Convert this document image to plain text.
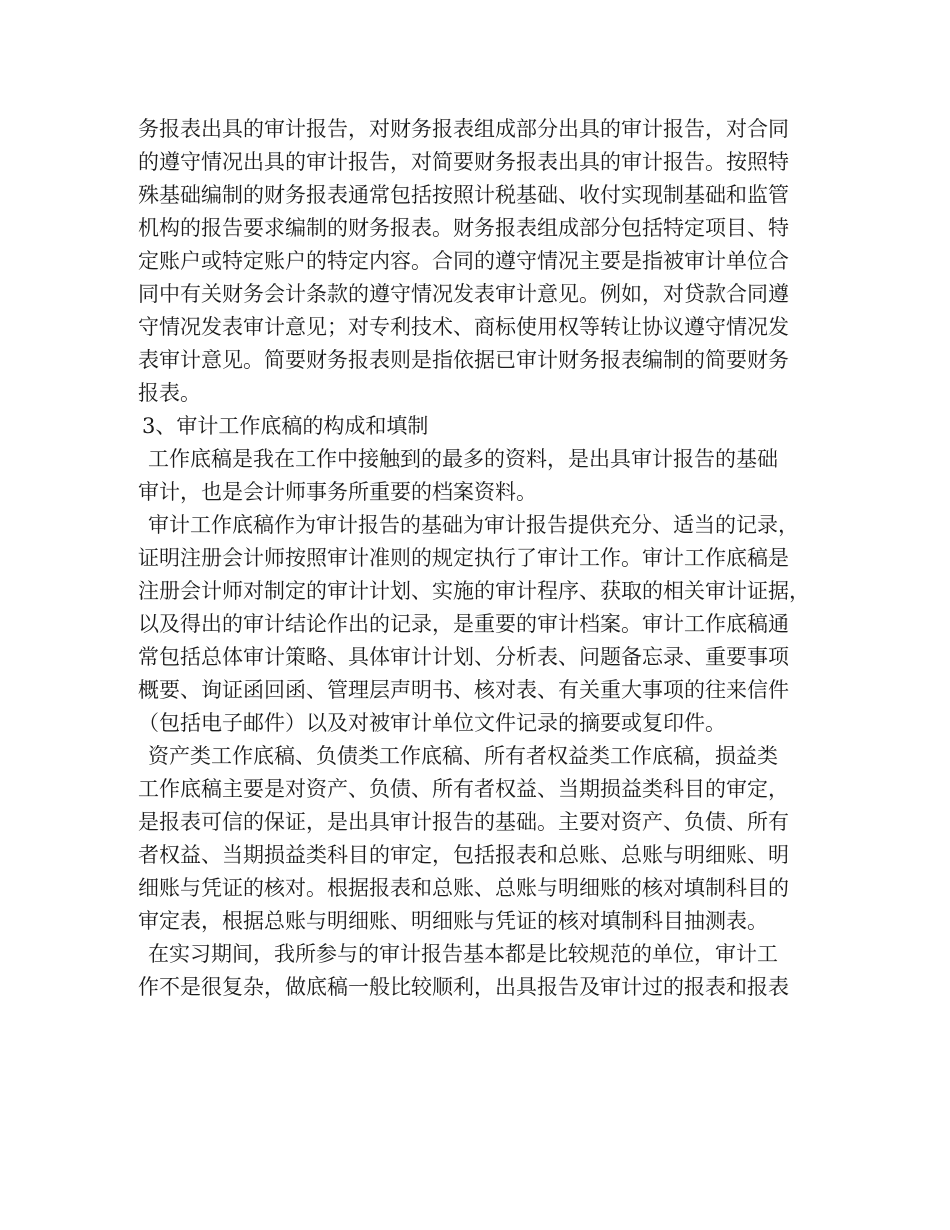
务报表出具的审计报告，对财务报表组成部分出具的审计报告，对合同
的遵守情况出具的审计报告，对简要财务报表出具的审计报告。按照特
殊基础编制的财务报表通常包括按照计税基础、收付实现制基础和监管
机构的报告要求编制的财务报表。财务报表组成部分包括特定项目、特
定账户或特定账户的特定内容。合同的遵守情况主要是指被审计单位合
同中有关财务会计条款的遵守情况发表审计意见。例如，对贷款合同遵
守情况发表审计意见；对专利技术、商标使用权等转让协议遵守情况发
表审计意见。简要财务报表则是指依据已审计财务报表编制的简要财务
报表。
3、审计工作底稿的构成和填制
工作底稿是我在工作中接触到的最多的资料，是出具审计报告的基础
审计，也是会计师事务所重要的档案资料。
审计工作底稿作为审计报告的基础为审计报告提供充分、适当的记录，
证明注册会计师按照审计准则的规定执行了审计工作。审计工作底稿是
注册会计师对制定的审计计划、实施的审计程序、获取的相关审计证据，
以及得出的审计结论作出的记录，是重要的审计档案。审计工作底稿通
常包括总体审计策略、具体审计计划、分析表、问题备忘录、重要事项
概要、询证函回函、管理层声明书、核对表、有关重大事项的往来信件
（包括电子邮件）以及对被审计单位文件记录的摘要或复印件。
资产类工作底稿、负债类工作底稿、所有者权益类工作底稿，损益类
工作底稿主要是对资产、负债、所有者权益、当期损益类科目的审定，
是报表可信的保证，是出具审计报告的基础。主要对资产、负债、所有
者权益、当期损益类科目的审定，包括报表和总账、总账与明细账、明
细账与凭证的核对。根据报表和总账、总账与明细账的核对填制科目的
审定表，根据总账与明细账、明细账与凭证的核对填制科目抽测表。
在实习期间，我所参与的审计报告基本都是比较规范的单位，审计工
作不是很复杂，做底稿一般比较顺利，出具报告及审计过的报表和报表
